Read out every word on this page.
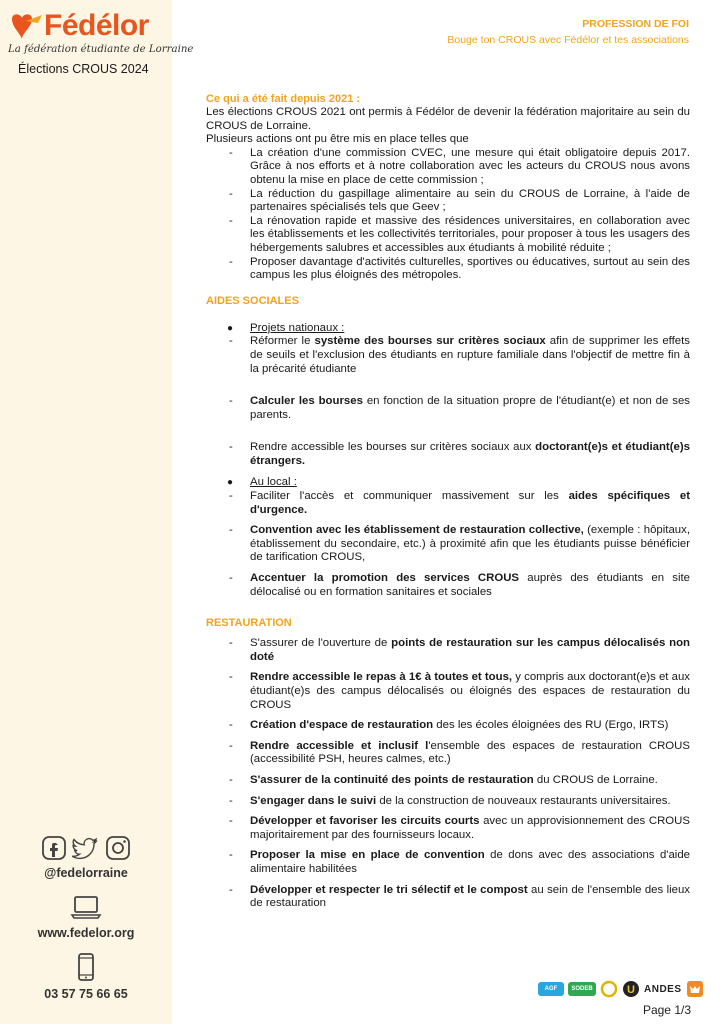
Fédélor
La fédération étudiante de Lorraine
Élections CROUS 2024
@fedelorraine
www.fedelor.org
03 57 75 66 65
PROFESSION DE FOI
Bouge ton CROUS avec Fédélor et tes associations
Ce qui a été fait depuis 2021 :

Les élections CROUS 2021 ont permis à Fédélor de devenir la fédération majoritaire au sein du CROUS de Lorraine.

Plusieurs actions ont pu être mis en place telles que

- La création d'une commission CVEC, une mesure qui était obligatoire depuis 2017. Grâce à nos efforts et à notre collaboration avec les acteurs du CROUS nous avons obtenu la mise en place de cette commission ;
- La réduction du gaspillage alimentaire au sein du CROUS de Lorraine, à l'aide de partenaires spécialisés tels que Geev ;
- La rénovation rapide et massive des résidences universitaires, en collaboration avec les établissements et les collectivités territoriales, pour proposer à tous les usagers des hébergements salubres et accessibles aux étudiants à mobilité réduite ;
- Proposer davantage d'activités culturelles, sportives ou éducatives, surtout au sein des campus les plus éloignés des métropoles.
AIDES SOCIALES
● Projets nationaux :
- Réformer le système des bourses sur critères sociaux afin de supprimer les effets de seuils et l'exclusion des étudiants en rupture familiale dans l'objectif de mettre fin à la précarité étudiante
- Calculer les bourses en fonction de la situation propre de l'étudiant(e) et non de ses parents.
- Rendre accessible les bourses sur critères sociaux aux doctorant(e)s et étudiant(e)s étrangers.
● Au local :
- Faciliter l'accès et communiquer massivement sur les aides spécifiques et d'urgence.
- Convention avec les établissement de restauration collective, (exemple : hôpitaux, établissement du secondaire, etc.) à proximité afin que les étudiants puisse bénéficier de tarification CROUS,
- Accentuer la promotion des services CROUS auprès des étudiants en site délocalisé ou en formation sanitaires et sociales
RESTAURATION
- S'assurer de l'ouverture de points de restauration sur les campus délocalisés non doté
- Rendre accessible le repas à 1€ à toutes et tous, y compris aux doctorant(e)s et aux étudiant(e)s des campus délocalisés ou éloignés des espaces de restauration du CROUS
- Création d'espace de restauration des les écoles éloignées des RU (Ergo, IRTS)
- Rendre accessible et inclusif l'ensemble des espaces de restauration CROUS (accessibilité PSH, heures calmes, etc.)
- S'assurer de la continuité des points de restauration du CROUS de Lorraine.
- S'engager dans le suivi de la construction de nouveaux restaurants universitaires.
- Développer et favoriser les circuits courts avec un approvisionnement des CROUS majoritairement par des fournisseurs locaux.
- Proposer la mise en place de convention de dons avec des associations d'aide alimentaire habilitées
- Développer et respecter le tri sélectif et le compost au sein de l'ensemble des lieux de restauration
AGF	SODEB	U ANDES
Page 1/3
